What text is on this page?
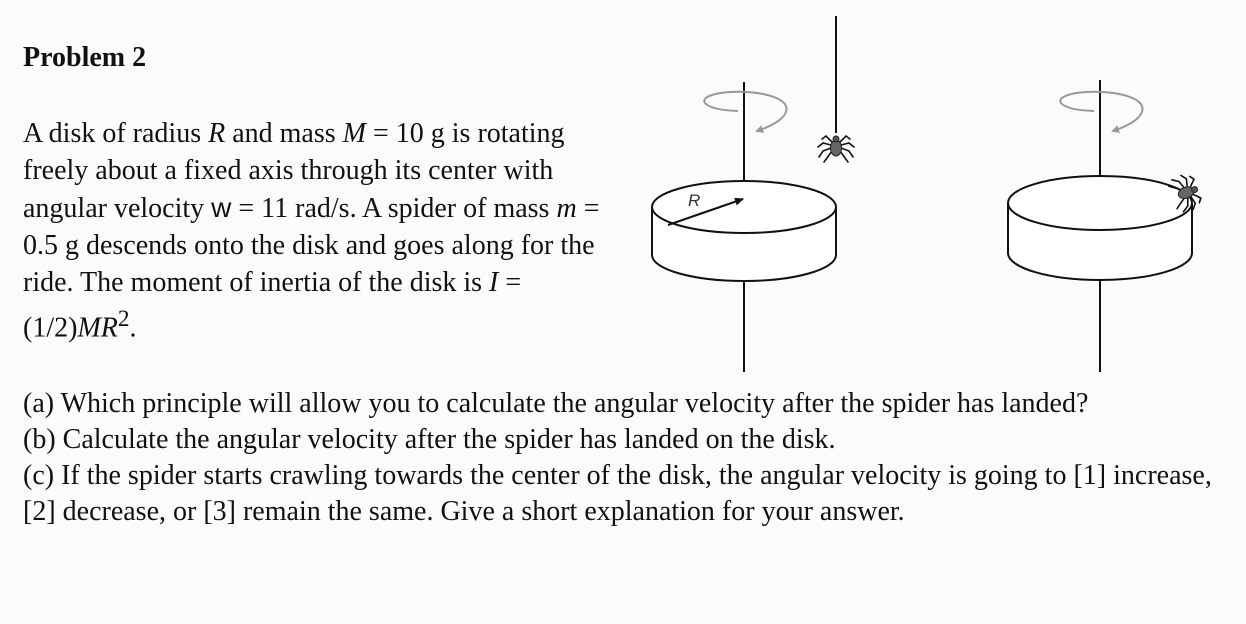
Problem 2

A disk of radius R and mass M = 10 g is rotating freely about a fixed axis through its center with angular velocity w = 11 rad/s. A spider of mass m = 0.5 g descends onto the disk and goes along for the ride. The moment of inertia of the disk is $I = (1/2)MR^2$.

R

(a) Which principle will allow you to calculate the angular velocity after the spider has landed?

(b) Calculate the angular velocity after the spider has landed on the disk.

(c) If the spider starts crawling towards the center of the disk, the angular velocity is going to [1] increase, [2] decrease, or [3] remain the same. Give a short explanation for your answer.
